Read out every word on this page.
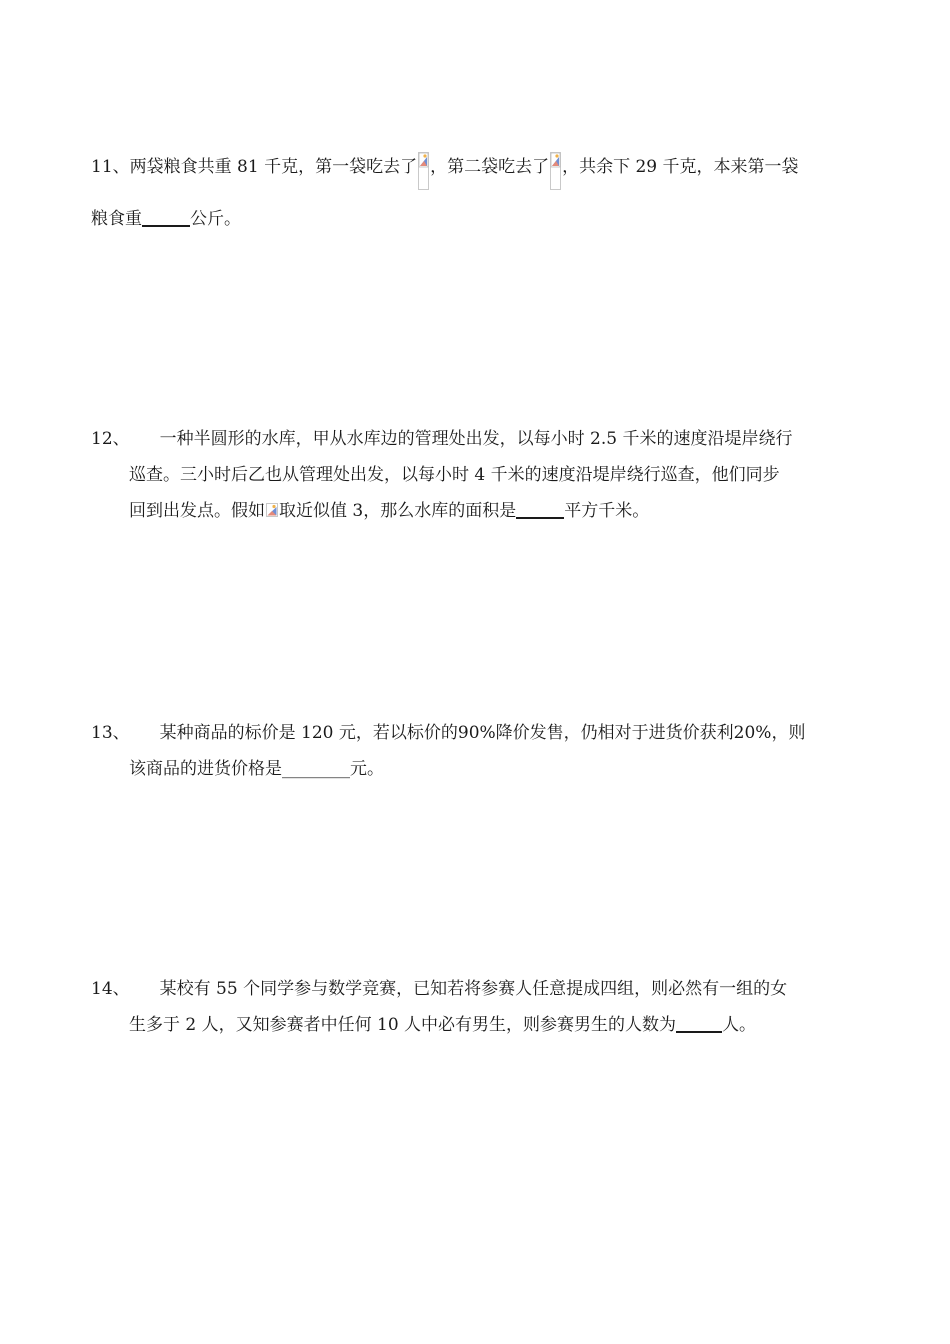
11、两袋粮食共重 81 千克，第一袋吃去了 ，第二袋吃去了 ，共余下 29 千克，本来第一袋
粮食重	公斤。
12、 一种半圆形的水库，甲从水库边的管理处出发，以每小时 2.5 千米的速度沿堤岸绕行
巡查。三小时后乙也从管理处出发，以每小时 4 千米的速度沿堤岸绕行巡查，他们同步
回到出发点。假如 取近似值 3，那么水库的面积是	平方千米。
13、 某种商品的标价是 120 元，若以标价的90%降价发售，仍相对于进货价获利20%，则
该商品的进货价格是________元。
14、 某校有 55 个同学参与数学竞赛，已知若将参赛人任意提成四组，则必然有一组的女
生多于 2 人，又知参赛者中任何 10 人中必有男生，则参赛男生的人数为	人。
